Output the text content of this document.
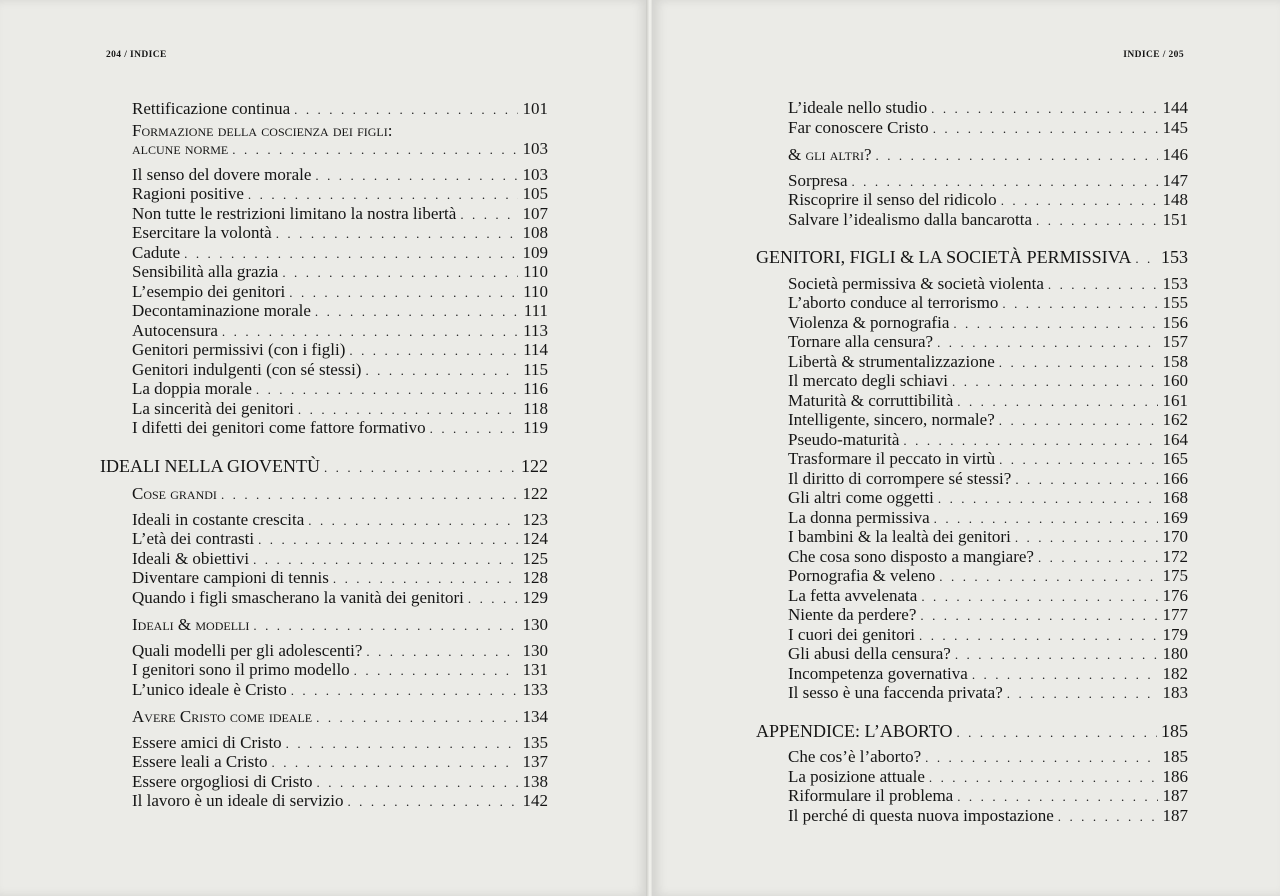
204 / INDICE
Rettificazione continua . . .	101
Formazione della coscienza dei figli:
alcune norme . . .	103
Il senso del dovere morale . . .	103
Ragioni positive . . .	105
Non tutte le restrizioni limitano la nostra libertà . . .	107
Esercitare la volontà . . .	108
Cadute . . .	109
Sensibilità alla grazia . . .	110
L’esempio dei genitori . . .	110
Decontaminazione morale . . .	111
Autocensura . . .	113
Genitori permissivi (con i figli) . . .	114
Genitori indulgenti (con sé stessi) . . .	115
La doppia morale . . .	116
La sincerità dei genitori . . .	118
I difetti dei genitori come fattore formativo . . .	119
IDEALI NELLA GIOVENTÙ . . .	122
Cose grandi . . .	122
Ideali in costante crescita . . .	123
L’età dei contrasti . . .	124
Ideali & obiettivi . . .	125
Diventare campioni di tennis . . .	128
Quando i figli smascherano la vanità dei genitori . . .	129
Ideali & modelli . . .	130
Quali modelli per gli adolescenti? . . .	130
I genitori sono il primo modello . . .	131
L’unico ideale è Cristo . . .	133
Avere Cristo come ideale . . .	134
Essere amici di Cristo . . .	135
Essere leali a Cristo . . .	137
Essere orgogliosi di Cristo . . .	138
Il lavoro è un ideale di servizio . . .	142
INDICE / 205
L’ideale nello studio . . .	144
Far conoscere Cristo . . .	145
& gli altri? . . .	146
Sorpresa . . .	147
Riscoprire il senso del ridicolo . . .	148
Salvare l’idealismo dalla bancarotta . . .	151
GENITORI, FIGLI & LA SOCIETÀ PERMISSIVA . . . 153
Società permissiva & società violenta . . .	153
L’aborto conduce al terrorismo . . .	155
Violenza & pornografia . . .	156
Tornare alla censura? . . .	157
Libertà & strumentalizzazione . . .	158
Il mercato degli schiavi . . .	160
Maturità & corruttibilità . . .	161
Intelligente, sincero, normale? . . .	162
Pseudo-maturità . . .	164
Trasformare il peccato in virtù . . .	165
Il diritto di corrompere sé stessi? . . .	166
Gli altri come oggetti . . .	168
La donna permissiva . . .	169
I bambini & la lealtà dei genitori . . .	170
Che cosa sono disposto a mangiare? . . .	172
Pornografia & veleno . . .	175
La fetta avvelenata . . .	176
Niente da perdere? . . .	177
I cuori dei genitori . . .	179
Gli abusi della censura? . . .	180
Incompetenza governativa . . .	182
Il sesso è una faccenda privata? . . .	183
APPENDICE: L’ABORTO . . .	185
Che cos’è l’aborto? . . .	185
La posizione attuale . . .	186
Riformulare il problema . . .	187
Il perché di questa nuova impostazione . . .	187
